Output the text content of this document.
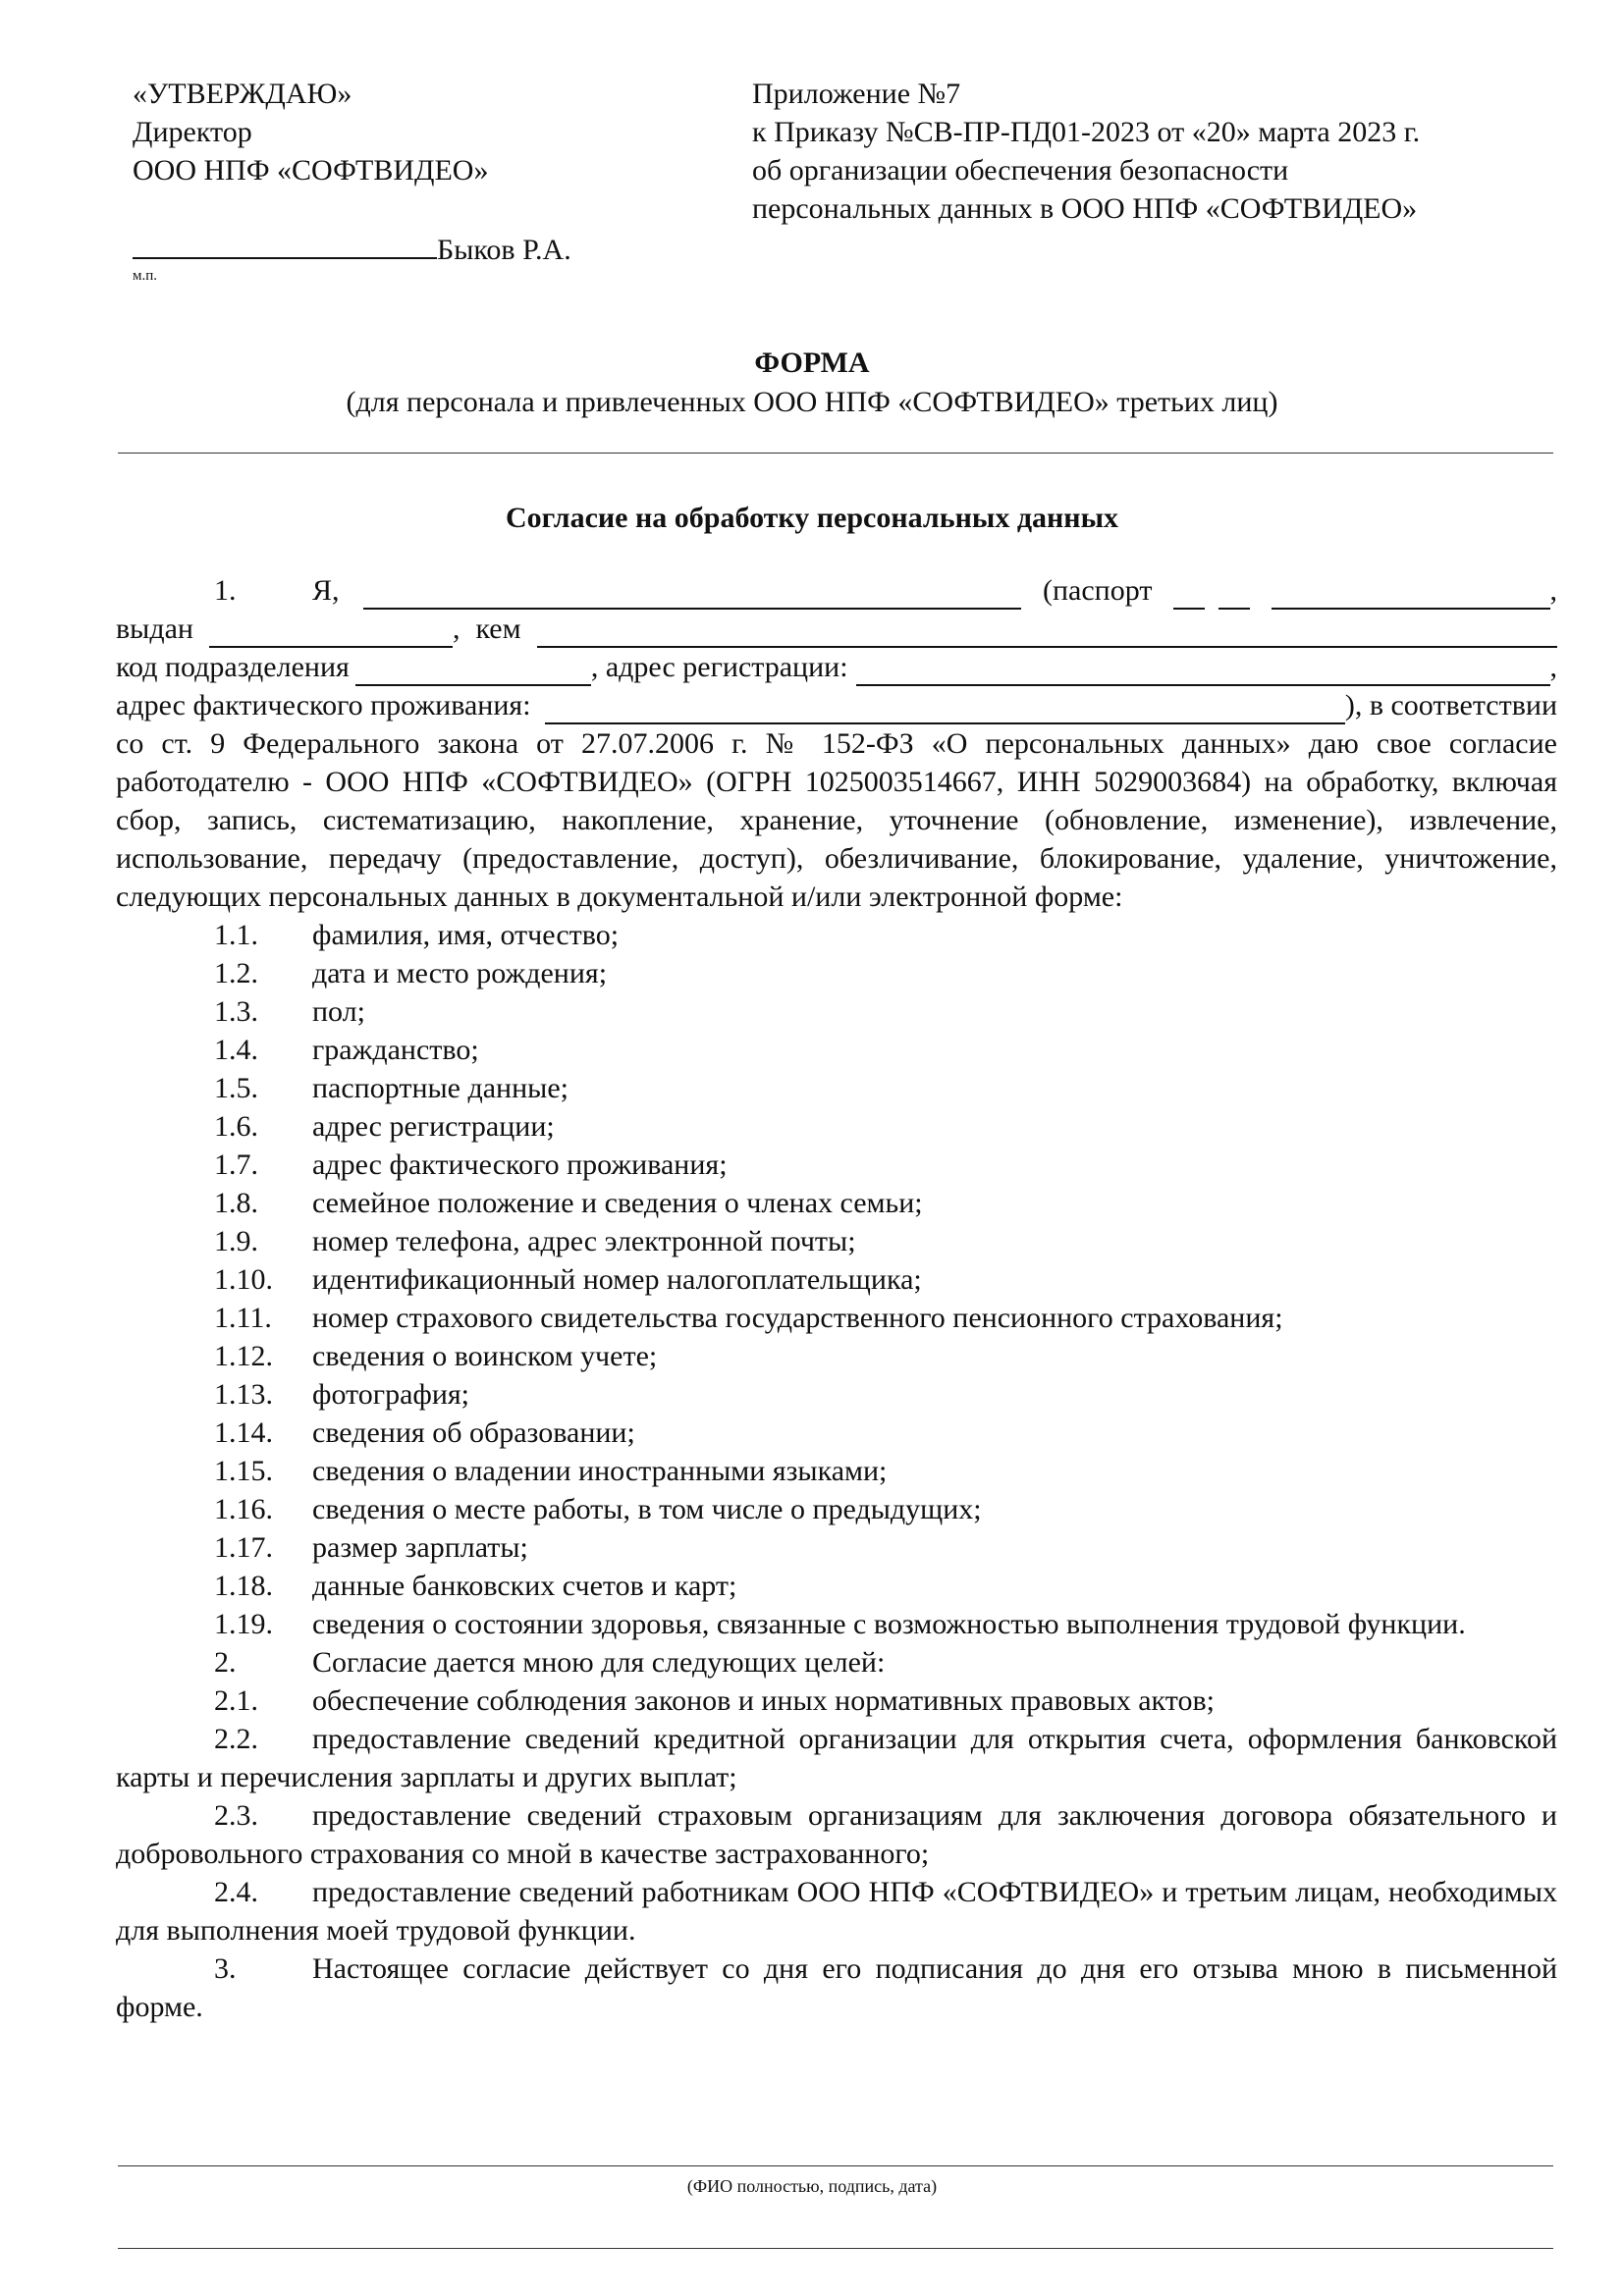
«УТВЕРЖДАЮ»
Директор
ООО НПФ «СОФТВИДЕО»
Быков Р.А.
м.п.
Приложение №7
к Приказу №СВ-ПР-ПД01-2023 от «20» марта 2023 г.
об организации обеспечения безопасности
персональных данных в ООО НПФ «СОФТВИДЕО»
ФОРМА
(для персонала и привлеченных ООО НПФ «СОФТВИДЕО» третьих лиц)
Согласие на обработку персональных данных
1.	Я,	(паспорт	,
выдан	, кем
код подразделения	, адрес регистрации:	,
адрес фактического проживания:	), в соответствии

со ст. 9 Федерального закона от 27.07.2006 г. № 152-ФЗ «О персональных данных» даю свое согласие работодателю - ООО НПФ «СОФТВИДЕО» (ОГРН 1025003514667, ИНН 5029003684) на обработку, включая сбор, запись, систематизацию, накопление, хранение, уточнение (обновление, изменение), извлечение, использование, передачу (предоставление, доступ), обезличивание, блокирование, удаление, уничтожение, следующих персональных данных в документальной и/или электронной форме:

1.1.	фамилия, имя, отчество;
1.2.	дата и место рождения;
1.3.	пол;
1.4.	гражданство;
1.5.	паспортные данные;
1.6.	адрес регистрации;
1.7.	адрес фактического проживания;
1.8.	семейное положение и сведения о членах семьи;
1.9.	номер телефона, адрес электронной почты;
1.10.	идентификационный номер налогоплательщика;
1.11.	номер страхового свидетельства государственного пенсионного страхования;
1.12.	сведения о воинском учете;
1.13.	фотография;
1.14.	сведения об образовании;
1.15.	сведения о владении иностранными языками;
1.16.	сведения о месте работы, в том числе о предыдущих;
1.17.	размер зарплаты;
1.18.	данные банковских счетов и карт;

1.19. сведения о состоянии здоровья, связанные с возможностью выполнения трудовой функции.

2.	Согласие дается мною для следующих целей:
2.1.	обеспечение соблюдения законов и иных нормативных правовых актов;

2.2. предоставление сведений кредитной организации для открытия счета, оформления банковской карты и перечисления зарплаты и других выплат;

2.3. предоставление сведений страховым организациям для заключения договора обязательного и добровольного страхования со мной в качестве застрахованного;

2.4. предоставление сведений работникам ООО НПФ «СОФТВИДЕО» и третьим лицам, необходимых для выполнения моей трудовой функции.

3.	Настоящее согласие действует со дня его подписания до дня его отзыва мною в письменной форме.

(ФИО полностью, подпись, дата)
